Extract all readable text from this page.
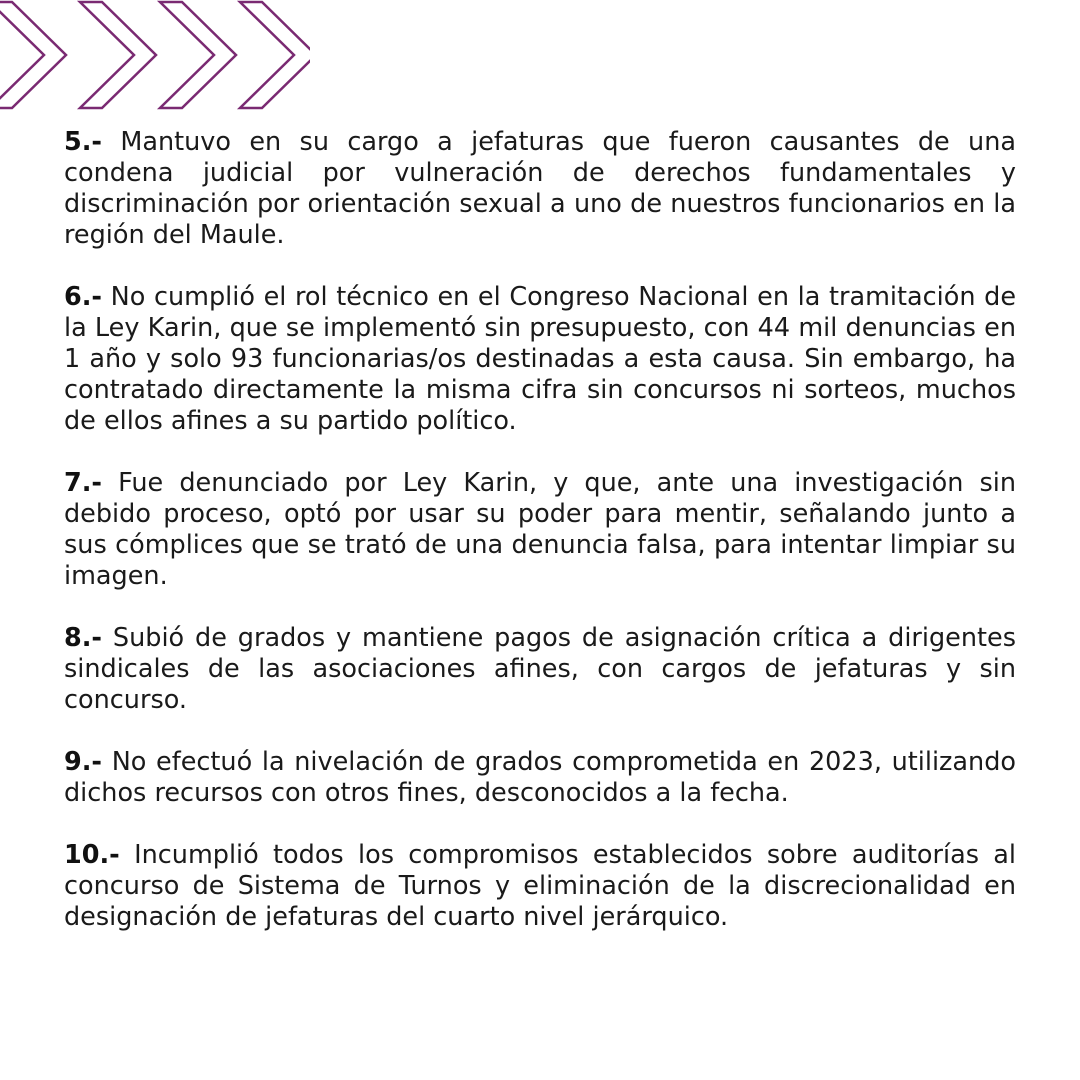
5.- Mantuvo en su cargo a jefaturas que fueron causantes de una condena judicial por vulneración de derechos fundamentales y discriminación por orientación sexual a uno de nuestros funcionarios en la región del Maule.

6.- No cumplió el rol técnico en el Congreso Nacional en la tramitación de la Ley Karin, que se implementó sin presupuesto, con 44 mil denuncias en 1 año y solo 93 funcionarias/os destinadas a esta causa. Sin embargo, ha contratado directamente la misma cifra sin concursos ni sorteos, muchos de ellos afines a su partido político.

7.- Fue denunciado por Ley Karin, y que, ante una investigación sin debido proceso, optó por usar su poder para mentir, señalando junto a sus cómplices que se trató de una denuncia falsa, para intentar limpiar su imagen.

8.- Subió de grados y mantiene pagos de asignación crítica a dirigentes sindicales de las asociaciones afines, con cargos de jefaturas y sin concurso.

9.- No efectuó la nivelación de grados comprometida en 2023, utilizando dichos recursos con otros fines, desconocidos a la fecha.

10.- Incumplió todos los compromisos establecidos sobre auditorías al concurso de Sistema de Turnos y eliminación de la discrecionalidad en designación de jefaturas del cuarto nivel jerárquico.
